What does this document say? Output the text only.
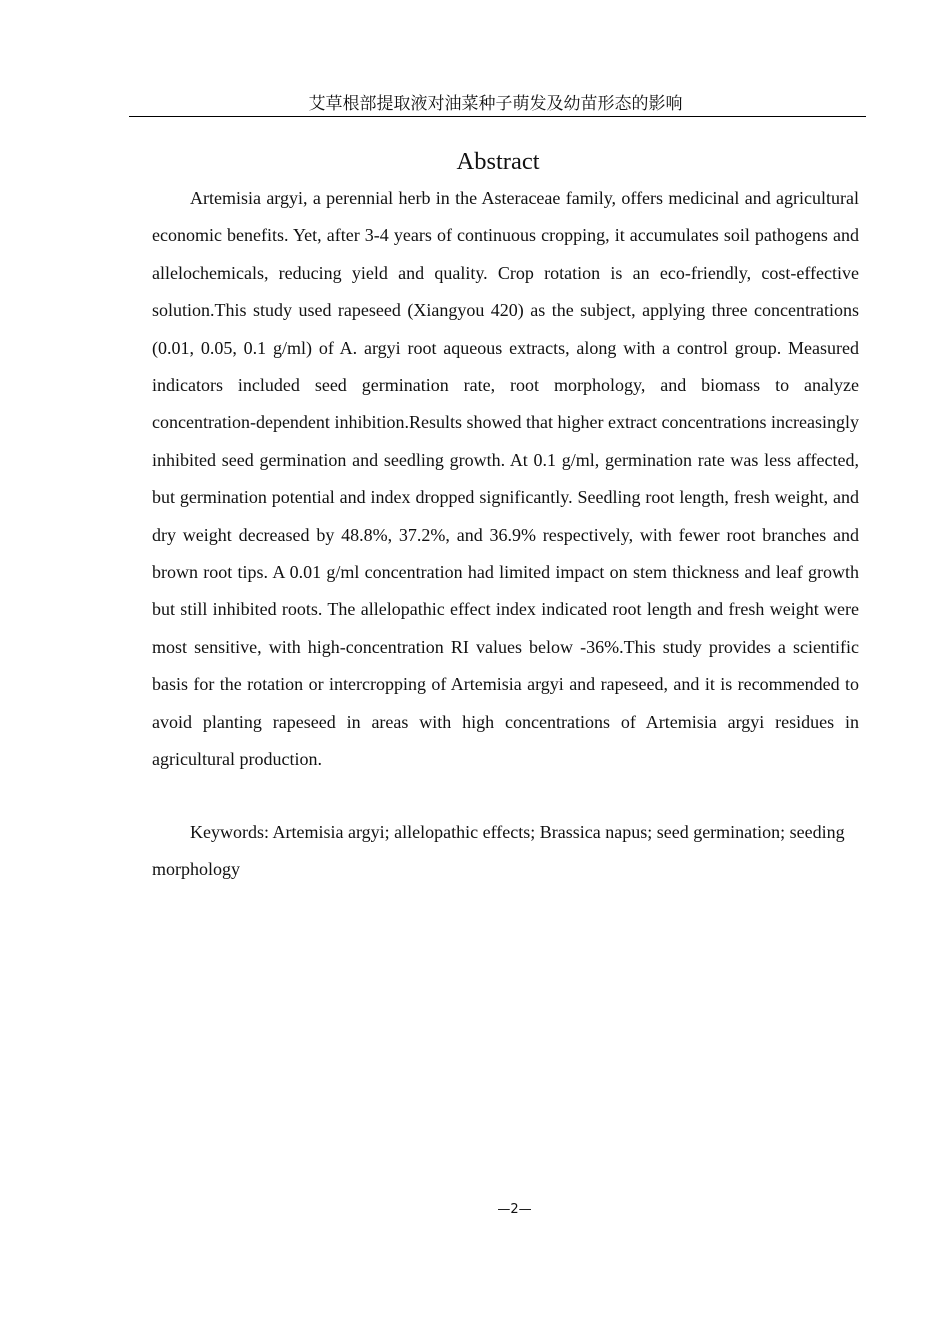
艾草根部提取液对油菜种子萌发及幼苗形态的影响
Abstract

Artemisia argyi, a perennial herb in the Asteraceae family, offers medicinal and agricultural economic benefits. Yet, after 3-4 years of continuous cropping, it accumulates soil pathogens and allelochemicals, reducing yield and quality. Crop rotation is an eco-friendly, cost-effective solution.This study used rapeseed (Xiangyou 420) as the subject, applying three concentrations (0.01, 0.05, 0.1 g/ml) of A. argyi root aqueous extracts, along with a control group. Measured indicators included seed germination rate, root morphology, and biomass to analyze concentration-dependent inhibition.Results showed that higher extract concentrations increasingly inhibited seed germination and seedling growth. At 0.1 g/ml, germination rate was less affected, but germination potential and index dropped significantly. Seedling root length, fresh weight, and dry weight decreased by 48.8%, 37.2%, and 36.9% respectively, with fewer root branches and brown root tips. A 0.01 g/ml concentration had limited impact on stem thickness and leaf growth but still inhibited roots. The allelopathic effect index indicated root length and fresh weight were most sensitive, with high-concentration RI values below -36%.This study provides a scientific basis for the rotation or intercropping of Artemisia argyi and rapeseed, and it is recommended to avoid planting rapeseed in areas with high concentrations of Artemisia argyi residues in agricultural production.

Keywords: Artemisia argyi; allelopathic effects; Brassica napus; seed germination; seeding morphology
—2—
